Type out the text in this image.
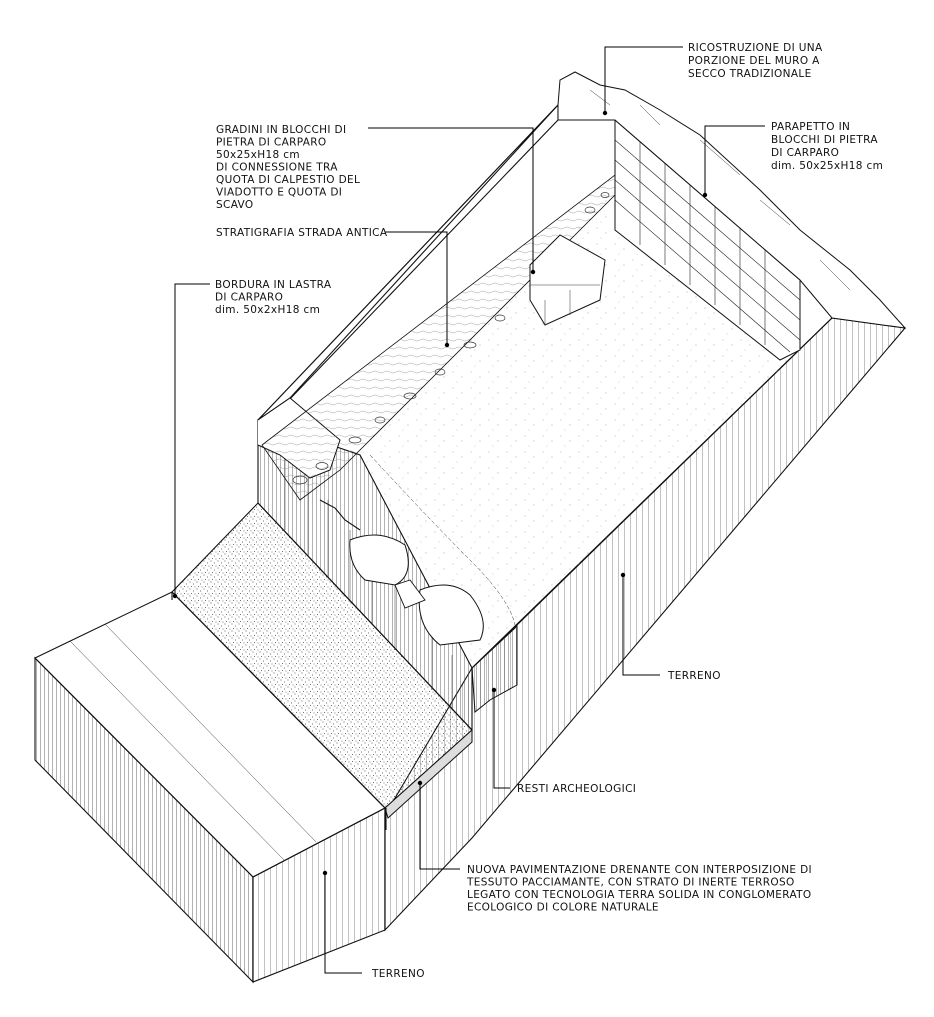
RICOSTRUZIONE DI UNA PORZIONE DEL MURO A SECCO TRADIZIONALE
PARAPETTO IN BLOCCHI DI PIETRA DI CARPARO dim. 50x25xH18 cm
GRADINI IN BLOCCHI DI PIETRA DI CARPARO 50x25xH18 cm DI CONNESSIONE TRA QUOTA DI CALPESTIO DEL VIADOTTO E QUOTA DI SCAVO
STRATIGRAFIA STRADA ANTICA
BORDURA IN LASTRA DI CARPARO dim. 50x2xH18 cm
TERRENO
RESTI ARCHEOLOGICI
NUOVA PAVIMENTAZIONE DRENANTE CON INTERPOSIZIONE DI TESSUTO PACCIAMANTE, CON STRATO DI INERTE TERROSO LEGATO CON TECNOLOGIA TERRA SOLIDA IN CONGLOMERATO ECOLOGICO DI COLORE NATURALE
TERRENO
